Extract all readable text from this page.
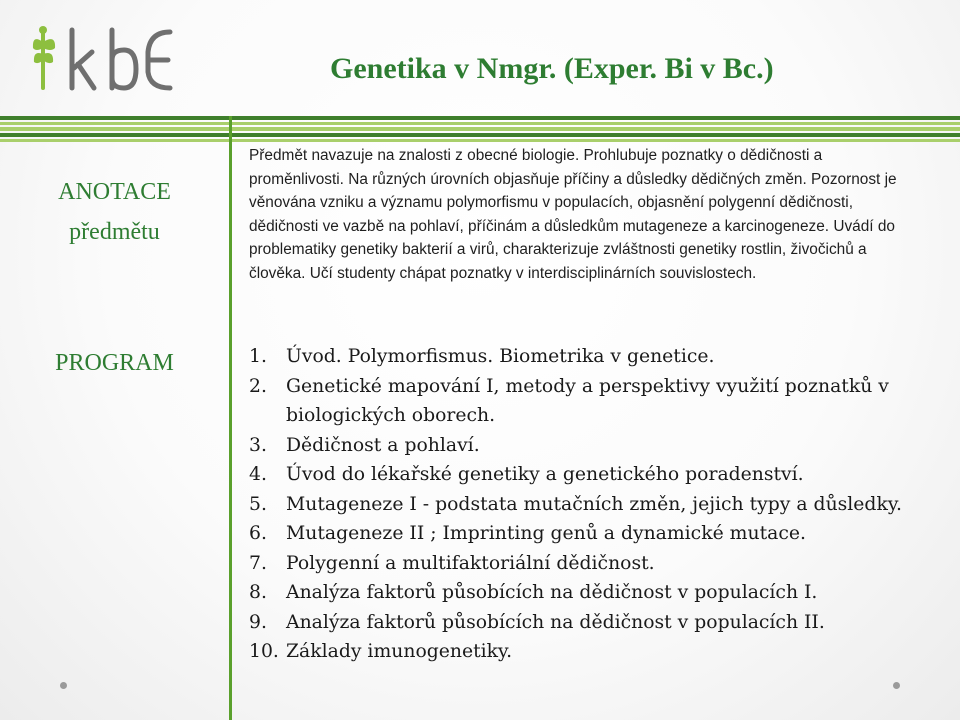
Genetika v Nmgr. (Exper. Bi v Bc.)
ANOTACE
předmětu

Předmět navazuje na znalosti z obecné biologie. Prohlubuje poznatky o dědičnosti a proměnlivosti. Na různých úrovních objasňuje příčiny a důsledky dědičných změn. Pozornost je věnována vzniku a významu polymorfismu v populacích, objasnění polygenní dědičnosti, dědičnosti ve vazbě na pohlaví, příčinám a důsledkům mutageneze a karcinogeneze. Uvádí do problematiky genetiky bakterií a virů, charakterizuje zvláštnosti genetiky rostlin, živočichů a člověka. Učí studenty chápat poznatky v interdisciplinárních souvislostech.

PROGRAM	1. Úvod. Polymorfismus. Biometrika v genetice.
2. Genetické mapování I, metody a perspektivy využití poznatků v biologických oborech.
3. Dědičnost a pohlaví.
4. Úvod do lékařské genetiky a genetického poradenství.
5. Mutageneze I - podstata mutačních změn, jejich typy a důsledky.
6. Mutageneze II ; Imprinting genů a dynamické mutace.
7. Polygenní a multifaktoriální dědičnost.
8. Analýza faktorů působících na dědičnost v populacích I.
9. Analýza faktorů působících na dědičnost v populacích II.
10. Základy imunogenetiky.
